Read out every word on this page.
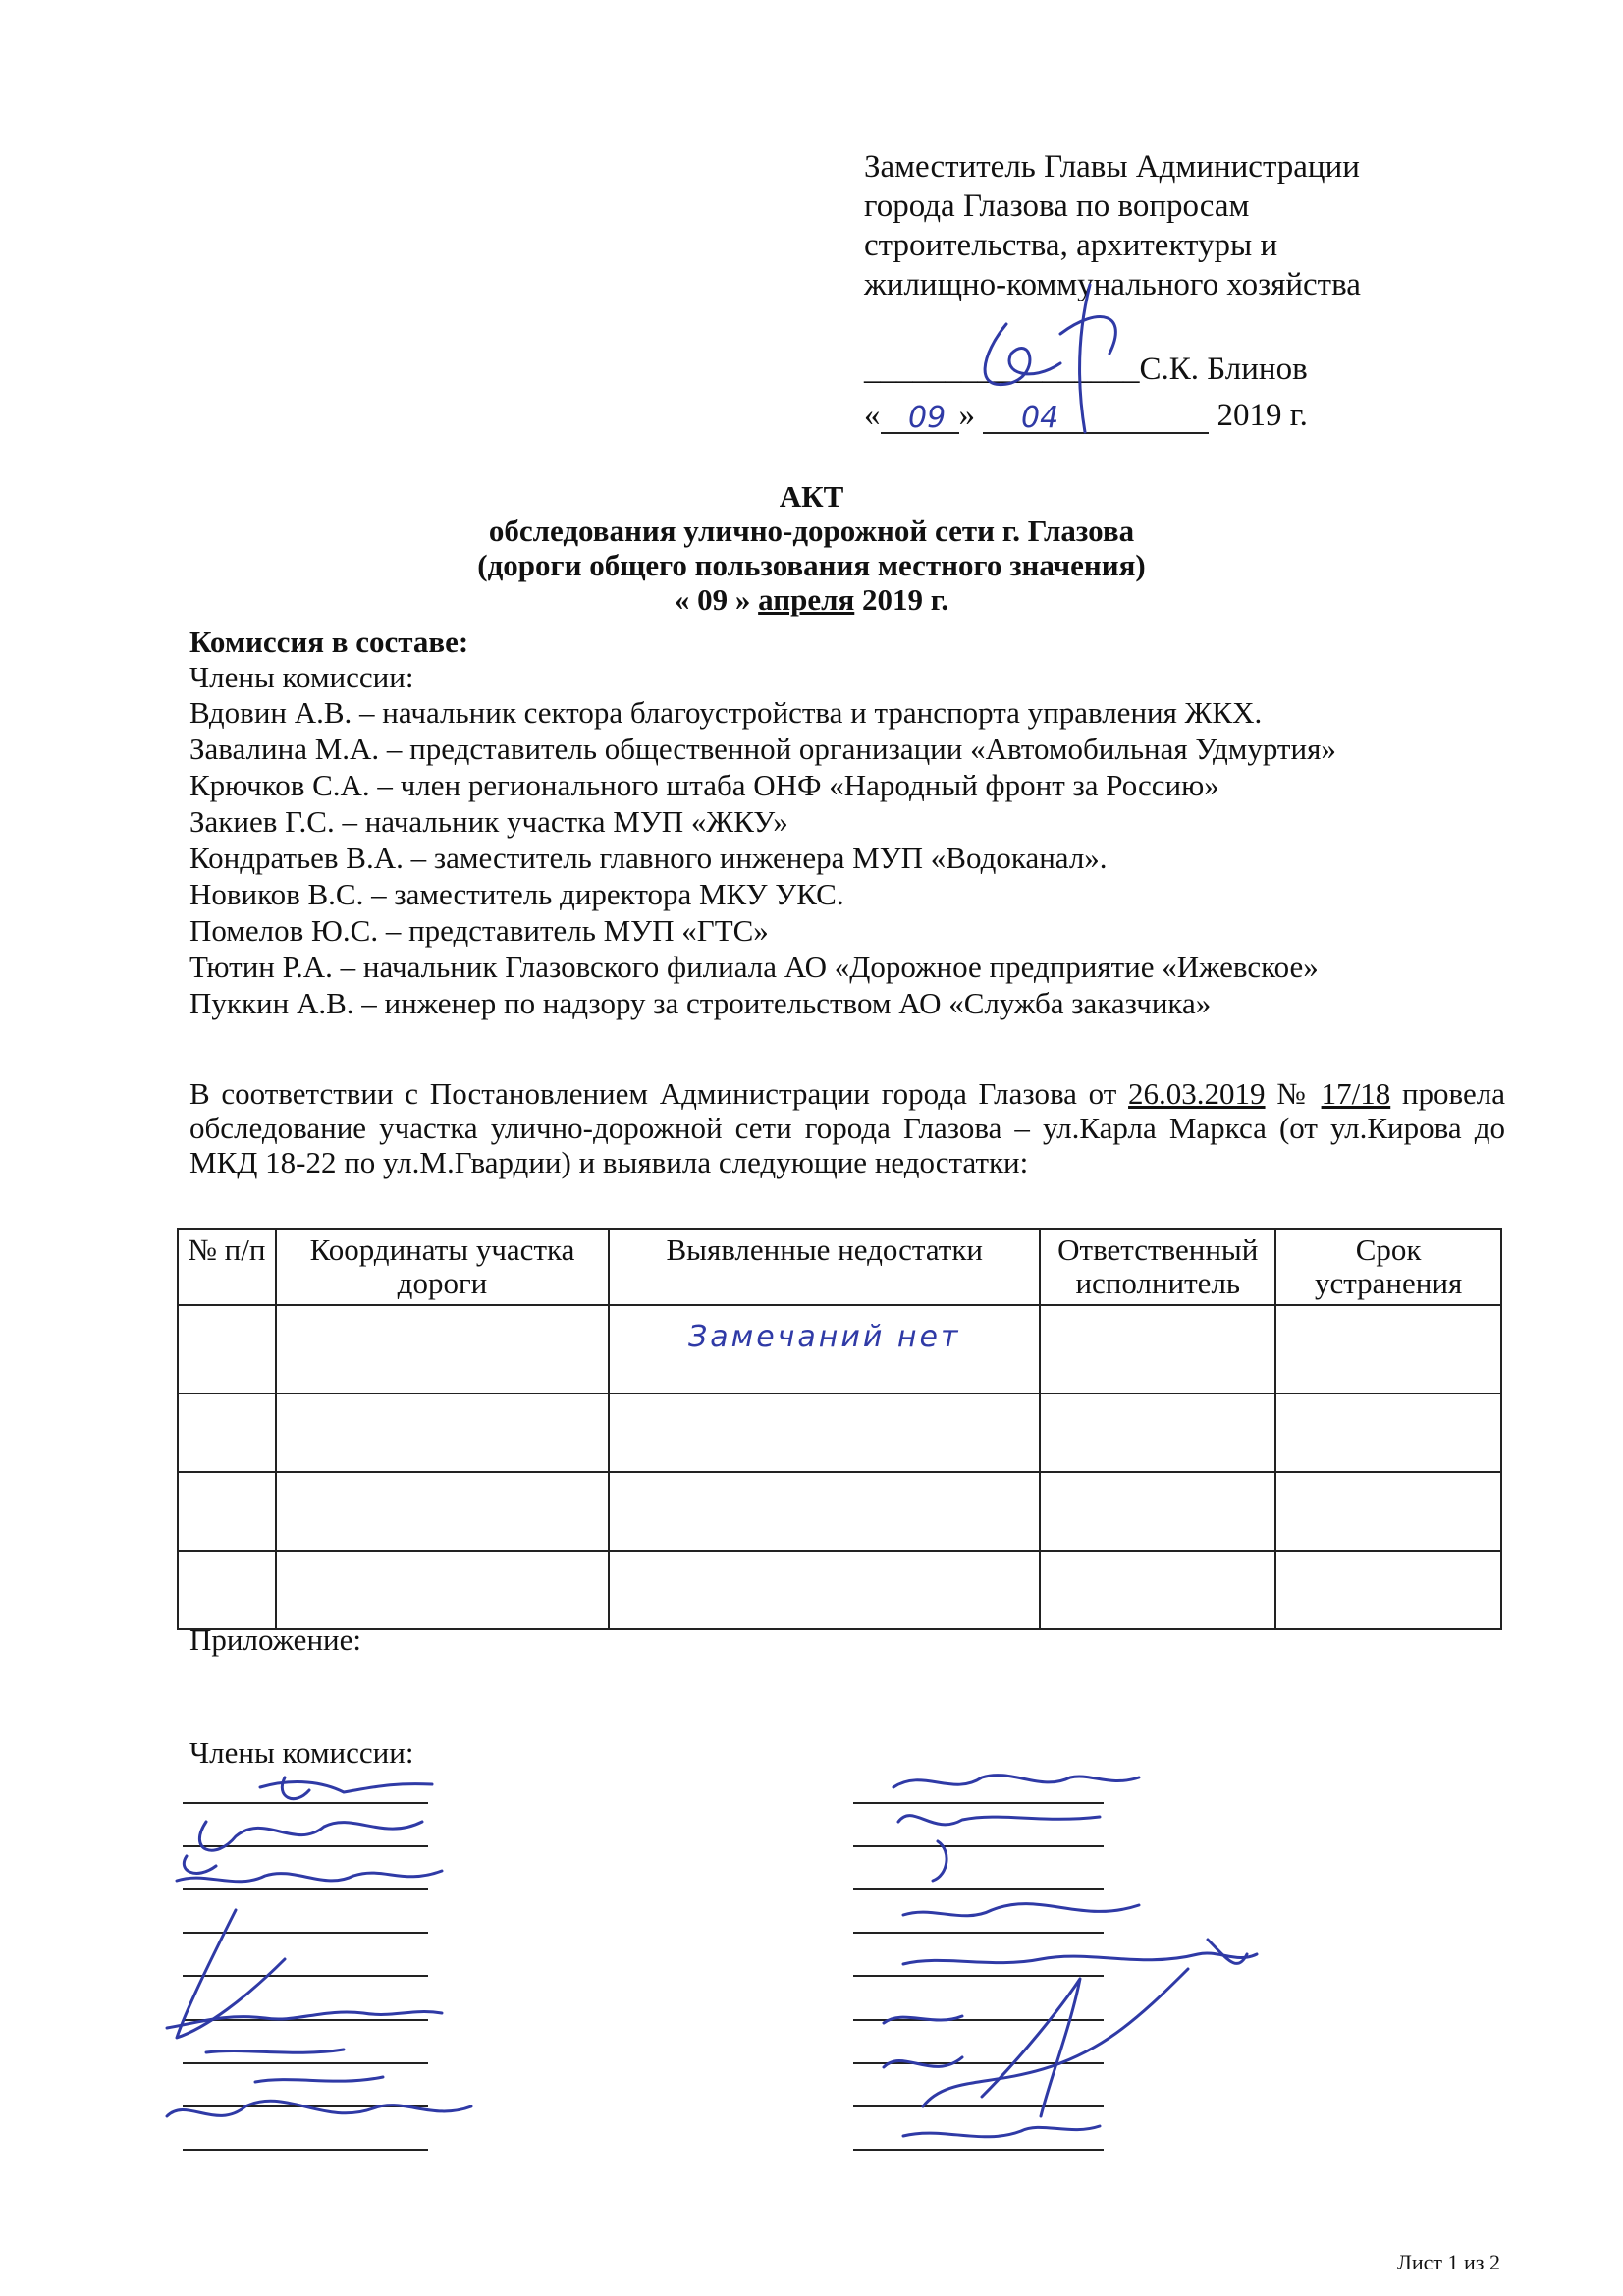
Заместитель Главы Администрации
города Глазова по вопросам
строительства, архитектуры и
жилищно-коммунального хозяйства
_________________С.К. Блинов
« »	2019 г.
09	04
АКТ
обследования улично-дорожной сети г. Глазова
(дороги общего пользования местного значения)
« 09 » апреля 2019 г.
Комиссия в составе:
Члены комиссии:
Вдовин А.В. – начальник сектора благоустройства и транспорта управления ЖКХ.
Завалина М.А. – представитель общественной организации «Автомобильная Удмуртия»
Крючков С.А. – член регионального штаба ОНФ «Народный фронт за Россию»
Закиев Г.С. – начальник участка МУП «ЖКУ»
Кондратьев В.А. – заместитель главного инженера МУП «Водоканал».
Новиков В.С. – заместитель директора МКУ УКС.
Помелов Ю.С. – представитель МУП «ГТС»
Тютин Р.А. – начальник Глазовского филиала АО «Дорожное предприятие «Ижевское»
Пуккин А.В. – инженер по надзору за строительством АО «Служба заказчика»
В соответствии с Постановлением Администрации города Глазова от 26.03.2019 № 17/18 провела обследование участка улично-дорожной сети города Глазова – ул.Карла Маркса (от ул.Кирова до МКД 18-22 по ул.М.Гвардии) и выявила следующие недостатки:
№ п/п	Координаты участка дороги	Выявленные недостатки	Ответственный исполнитель	Срок устранения
		Замечаний нет		

Приложение:
Члены комиссии:
Лист 1 из 2
